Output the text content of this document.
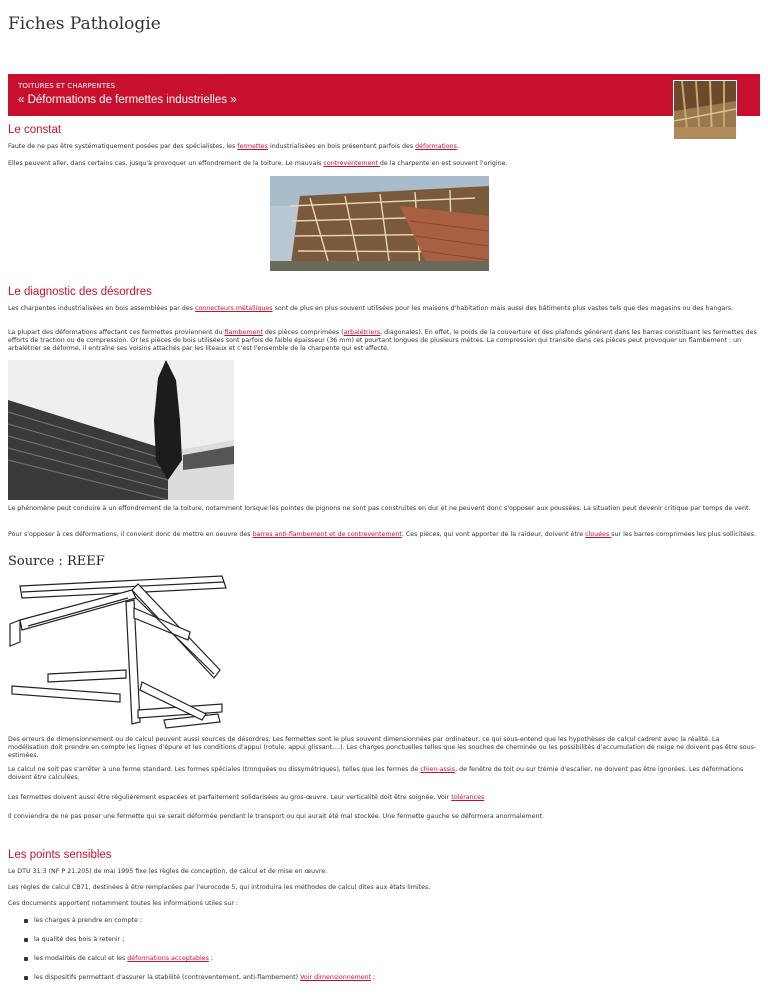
Fiches Pathologie
TOITURES ET CHARPENTES
« Déformations de fermettes industrielles »
Le constat
Faute de ne pas être systématiquement posées par des spécialistes, les fermettes industrialisées en bois présentent parfois des déformations.
Elles peuvent aller, dans certains cas, jusqu'à provoquer un effondrement de la toiture. Le mauvais contreventement de la charpente en est souvent l'origine.
Le diagnostic des désordres
Les charpentes industrialisées en bois assemblées par des connecteurs métalliques sont de plus en plus souvent utilisées pour les maisons d'habitation mais aussi des bâtiments plus vastes tels que des magasins ou des hangars.
La plupart des déformations affectant ces fermettes proviennent du flambement des pièces comprimées (arbalétriers, diagonales). En effet, le poids de la couverture et des plafonds génèrent dans les barres constituant les fermettes des efforts de traction ou de compression. Or les pièces de bois utilisées sont parfois de faible épaisseur (36 mm) et pourtant longues de plusieurs mètres. La compression qui transite dans ces pièces peut provoquer un flambement : un arbalétrier se déforme, il entraîne ses voisins attachés par les liteaux et c'est l'ensemble de la charpente qui est affecté.
Le phénomène peut conduire à un effondrement de la toiture, notamment lorsque les pointes de pignons ne sont pas construites en dur et ne peuvent donc s'opposer aux poussées. La situation peut devenir critique par temps de vent.
Pour s'opposer à ces déformations, il convient donc de mettre en oeuvre des barres anti-flambement et de contreventement. Ces pièces, qui vont apporter de la raideur, doivent être clouées sur les barres comprimées les plus sollicitées.
Source : REEF
Des erreurs de dimensionnement ou de calcul peuvent aussi sources de désordres. Les fermettes sont le plus souvent dimensionnées par ordinateur, ce qui sous-entend que les hypothèses de calcul cadrent avec la réalité. La modélisation doit prendre en compte les lignes d'épure et les conditions d'appui (rotule, appui glissant,...). Les charges ponctuelles telles que les souches de cheminée ou les possibilités d'accumulation de neige ne doivent pas être sous-estimées.
Le calcul ne soit pas s'arrêter à une ferme standard. Les formes spéciales (tronquées ou dissymétriques), telles que les fermes de chien-assis, de fenêtre de toit ou sur trémie d'escalier, ne doivent pas être ignorées. Les déformations doivent être calculées.
Les fermettes doivent aussi être régulièrement espacées et parfaitement solidarisées au gros-œuvre. Leur verticalité doit être soignée. Voir tolérances
Il conviendra de ne pas poser une fermette qui se serait déformée pendant le transport ou qui aurait été mal stockée. Une fermette gauche se déformera anormalement.
Les points sensibles
Le DTU 31.3 (NF P 21.205) de mai 1995 fixe les règles de conception, de calcul et de mise en œuvre.
Les règles de calcul CB71, destinées à être remplacées par l'eurocode 5, qui introduira les méthodes de calcul dites aux états limites.
Ces documents apportent notamment toutes les informations utiles sur :
les charges à prendre en compte ;
la qualité des bois à retenir ;
les modalités de calcul et les déformations acceptables ;
les dispositifs permettant d'assurer la stabilité (contreventement, anti-flambement) Voir dimensionnement ;
